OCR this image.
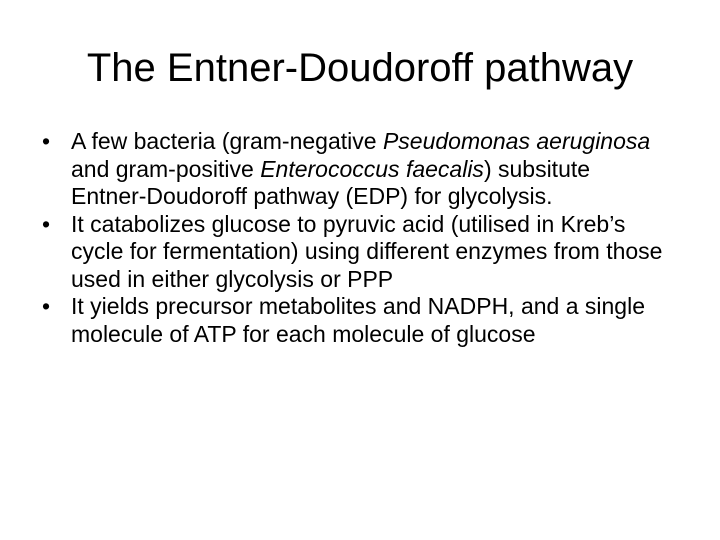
The Entner-Doudoroff pathway
• A few bacteria (gram-negative Pseudomonas aeruginosa and gram-positive Enterococcus faecalis) subsitute Entner-Doudoroff pathway (EDP) for glycolysis.
• It catabolizes glucose to pyruvic acid (utilised in Kreb’s cycle for fermentation) using different enzymes from those used in either glycolysis or PPP
• It yields precursor metabolites and NADPH, and a single molecule of ATP for each molecule of glucose
